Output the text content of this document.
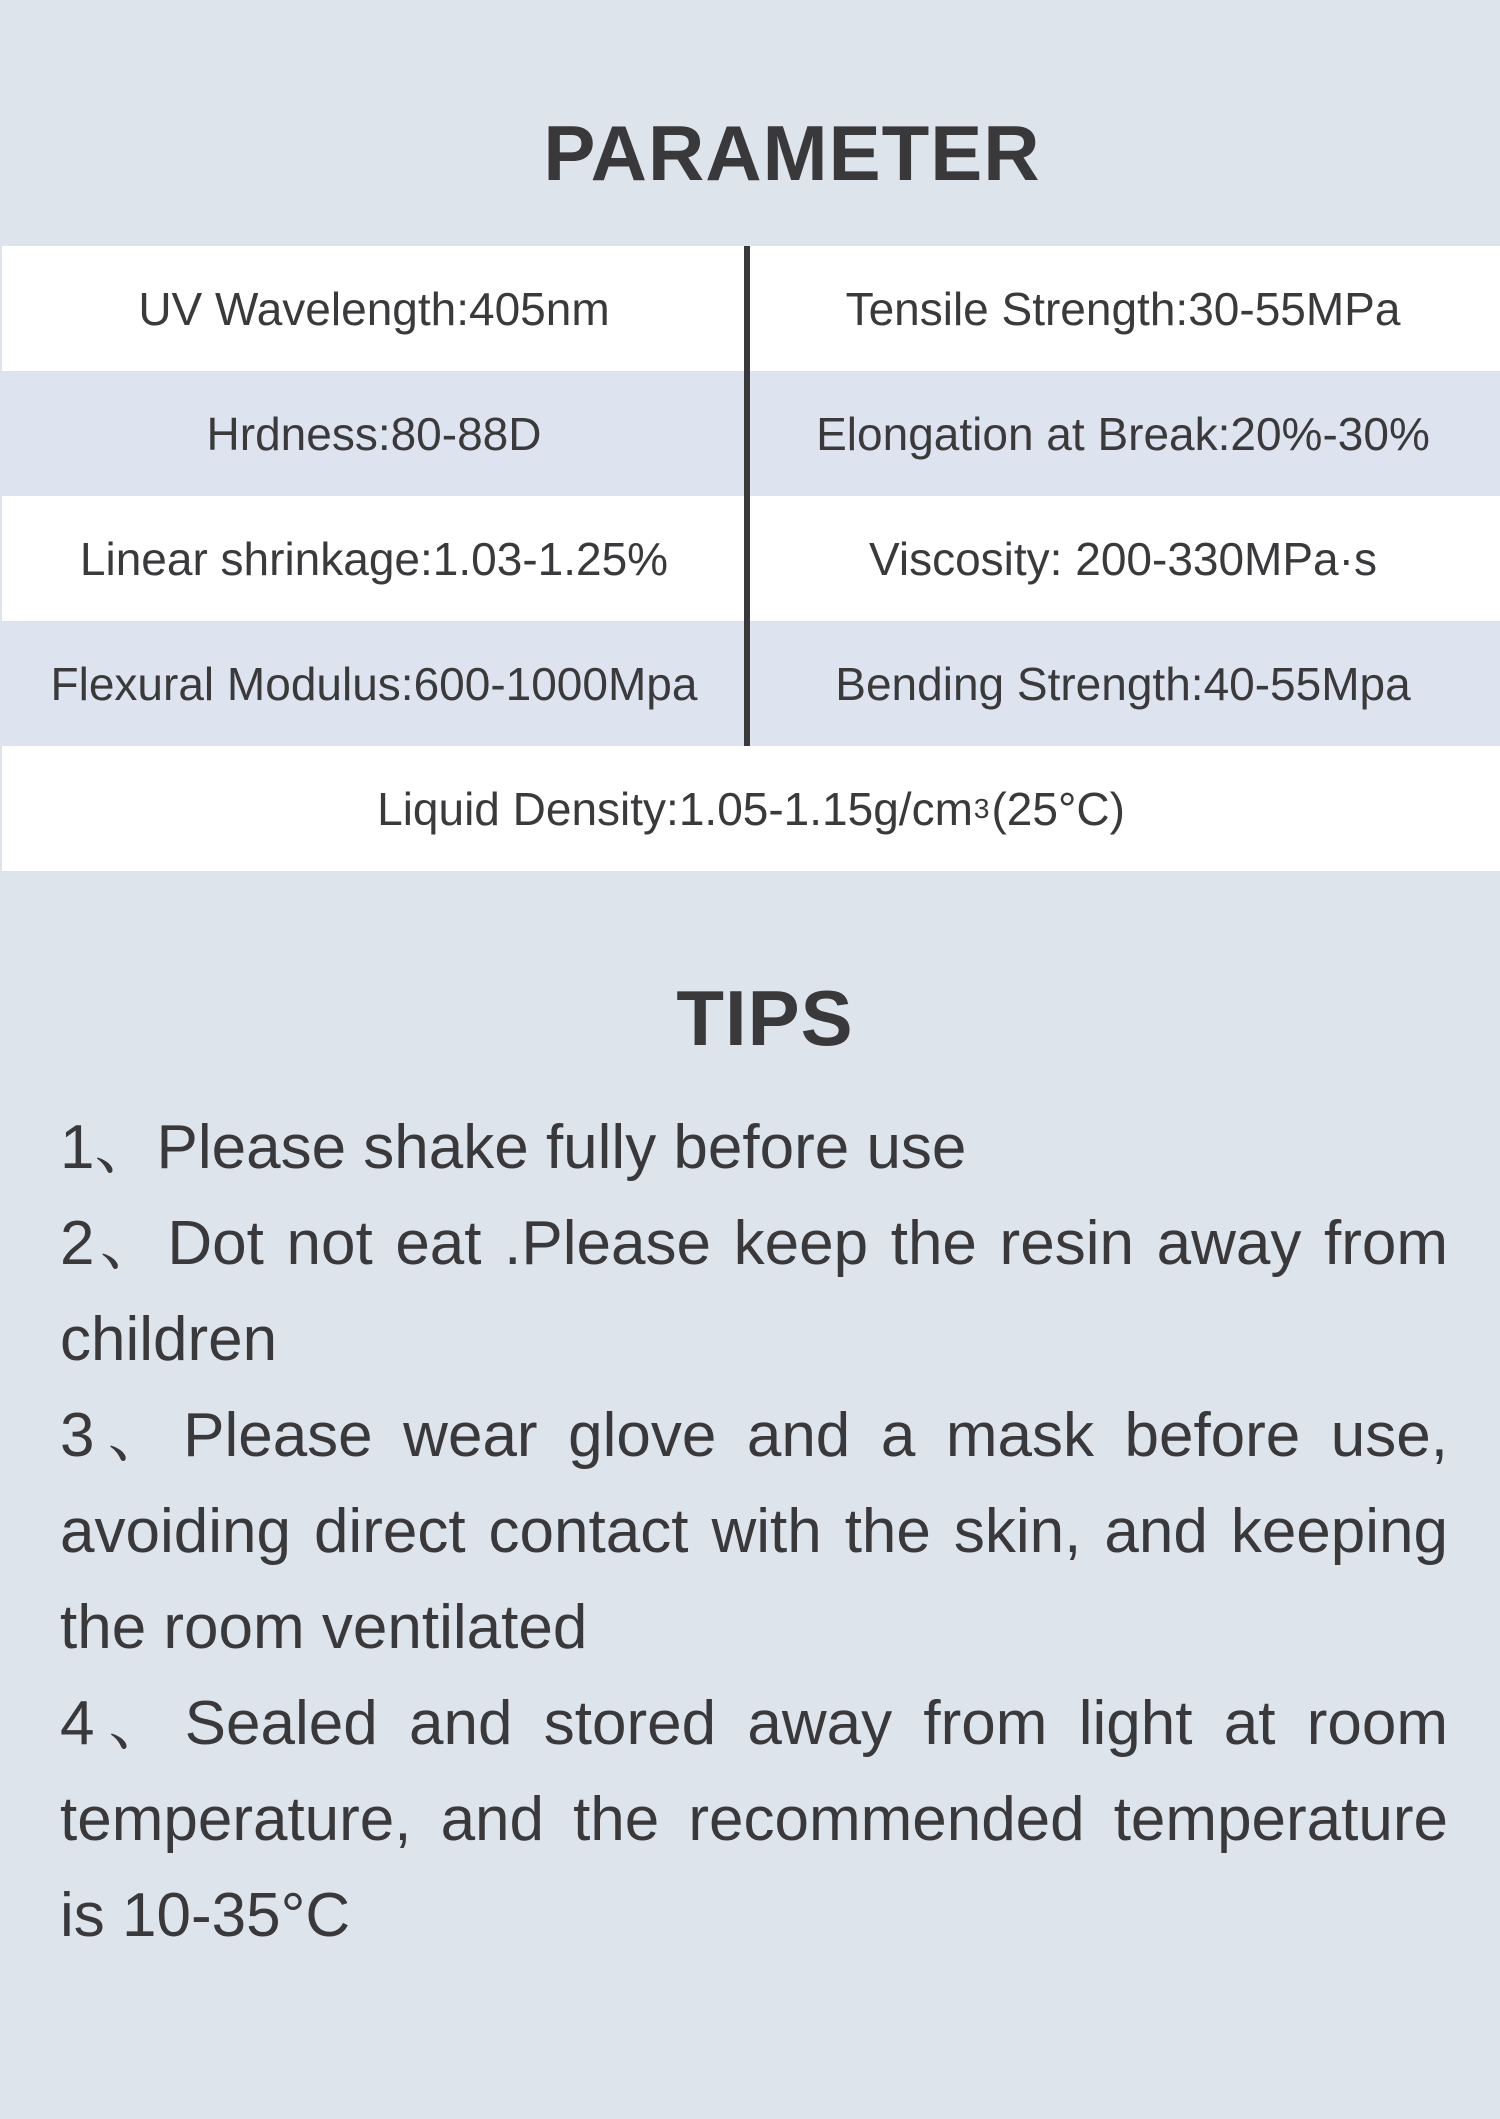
PARAMETER
UV Wavelength:405nm	Tensile Strength:30-55MPa
Hrdness:80-88D	Elongation at Break:20%-30%
Linear shrinkage:1.03-1.25%	Viscosity: 200-330MPa·s
Flexural Modulus:600-1000Mpa	Bending Strength:40-55Mpa
Liquid Density:1.05-1.15g/cm 3 (25°C)
TIPS

1、Please shake fully before use

2、Dot not eat .Please keep the resin away from children

3、Please wear glove and a mask before use, avoiding direct contact with the skin, and keeping the room ventilated

4、Sealed and stored away from light at room temperature, and the recommended temperature is 10-35°C
